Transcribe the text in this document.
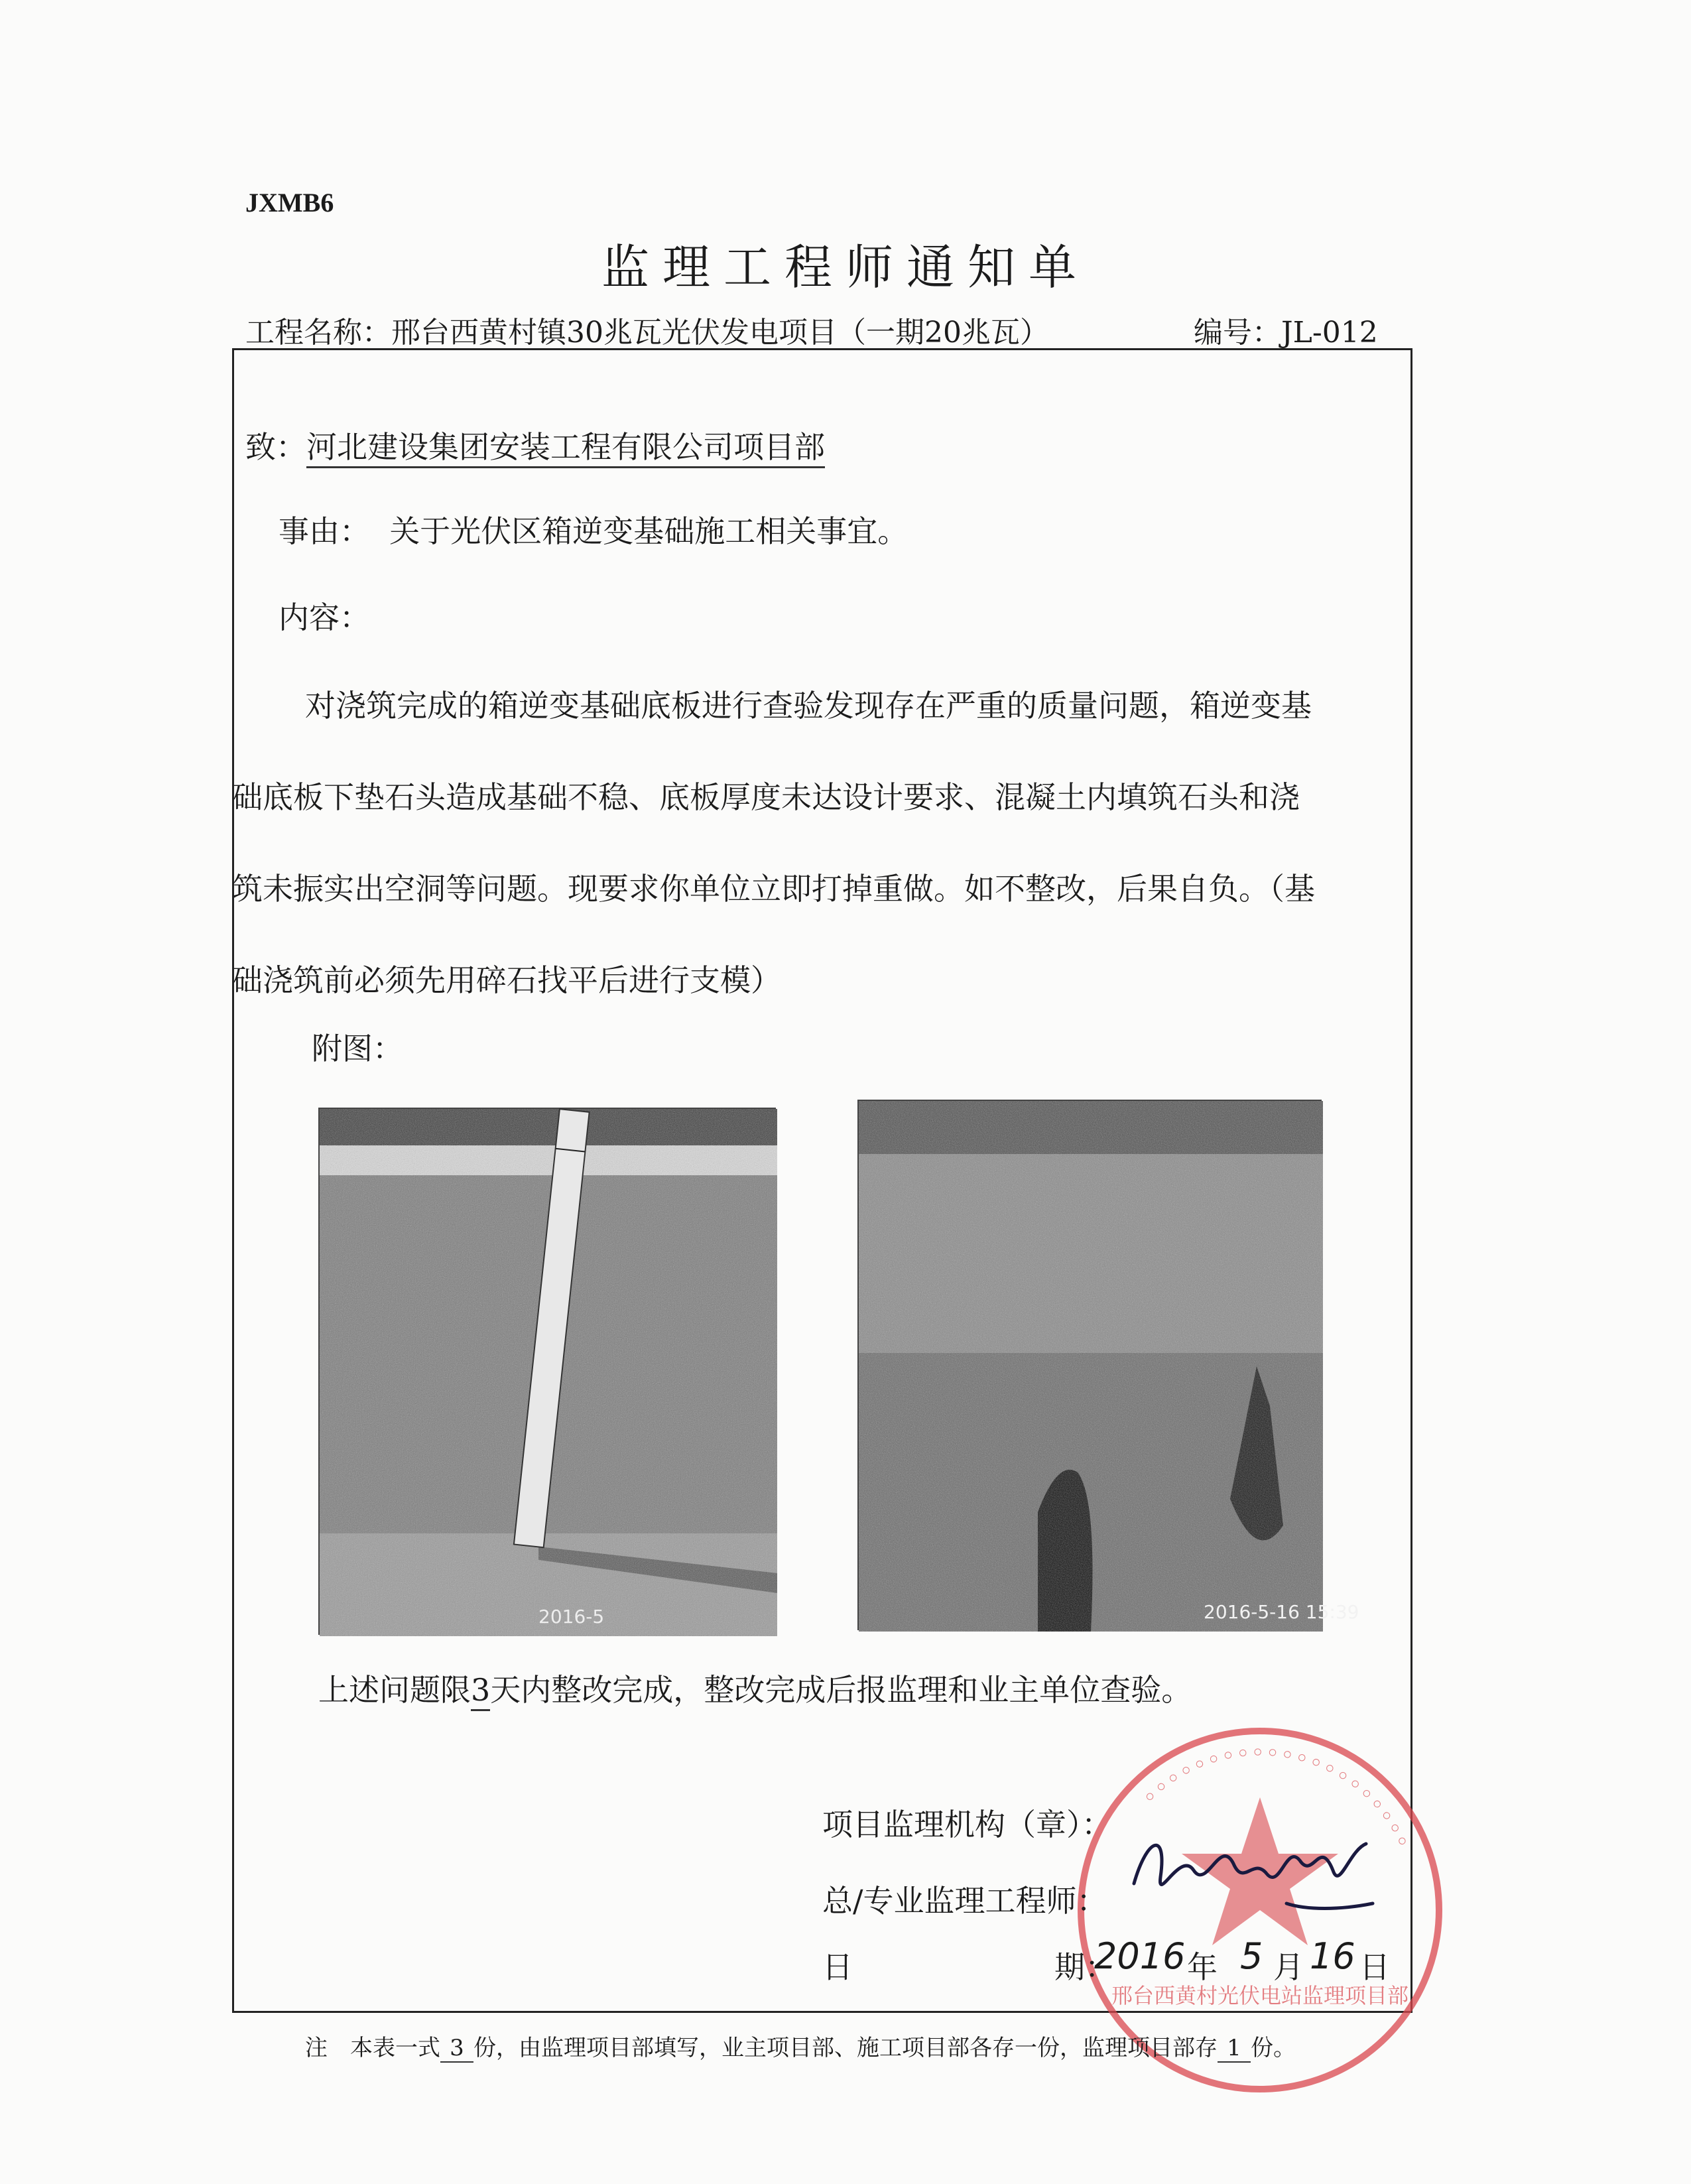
JXMB6
监理工程师通知单
工程名称：邢台西黄村镇30兆瓦光伏发电项目（一期20兆瓦）	编号：JL-012
致：河北建设集团安装工程有限公司项目部
事由： 关于光伏区箱逆变基础施工相关事宜。
内容：
对浇筑完成的箱逆变基础底板进行查验发现存在严重的质量问题，箱逆变基
础底板下垫石头造成基础不稳、底板厚度未达设计要求、混凝土内填筑石头和浇
筑未振实出空洞等问题。现要求你单位立即打掉重做。如不整改，后果自负。（基
础浇筑前必须先用碎石找平后进行支模）
附图：
2016-5	2016-5-16 15:39
上述问题限3天内整改完成，整改完成后报监理和业主单位查验。
◦◦◦◦◦◦◦◦◦◦◦◦◦◦◦◦◦◦◦◦◦
邢台西黄村光伏电站监理项目部
项目监理机构（章）：
总/专业监理工程师：
日	期：
2016 年 5 月 16 日
注　本表一式 3 份，由监理项目部填写，业主项目部、施工项目部各存一份，监理项目部存 1 份。
